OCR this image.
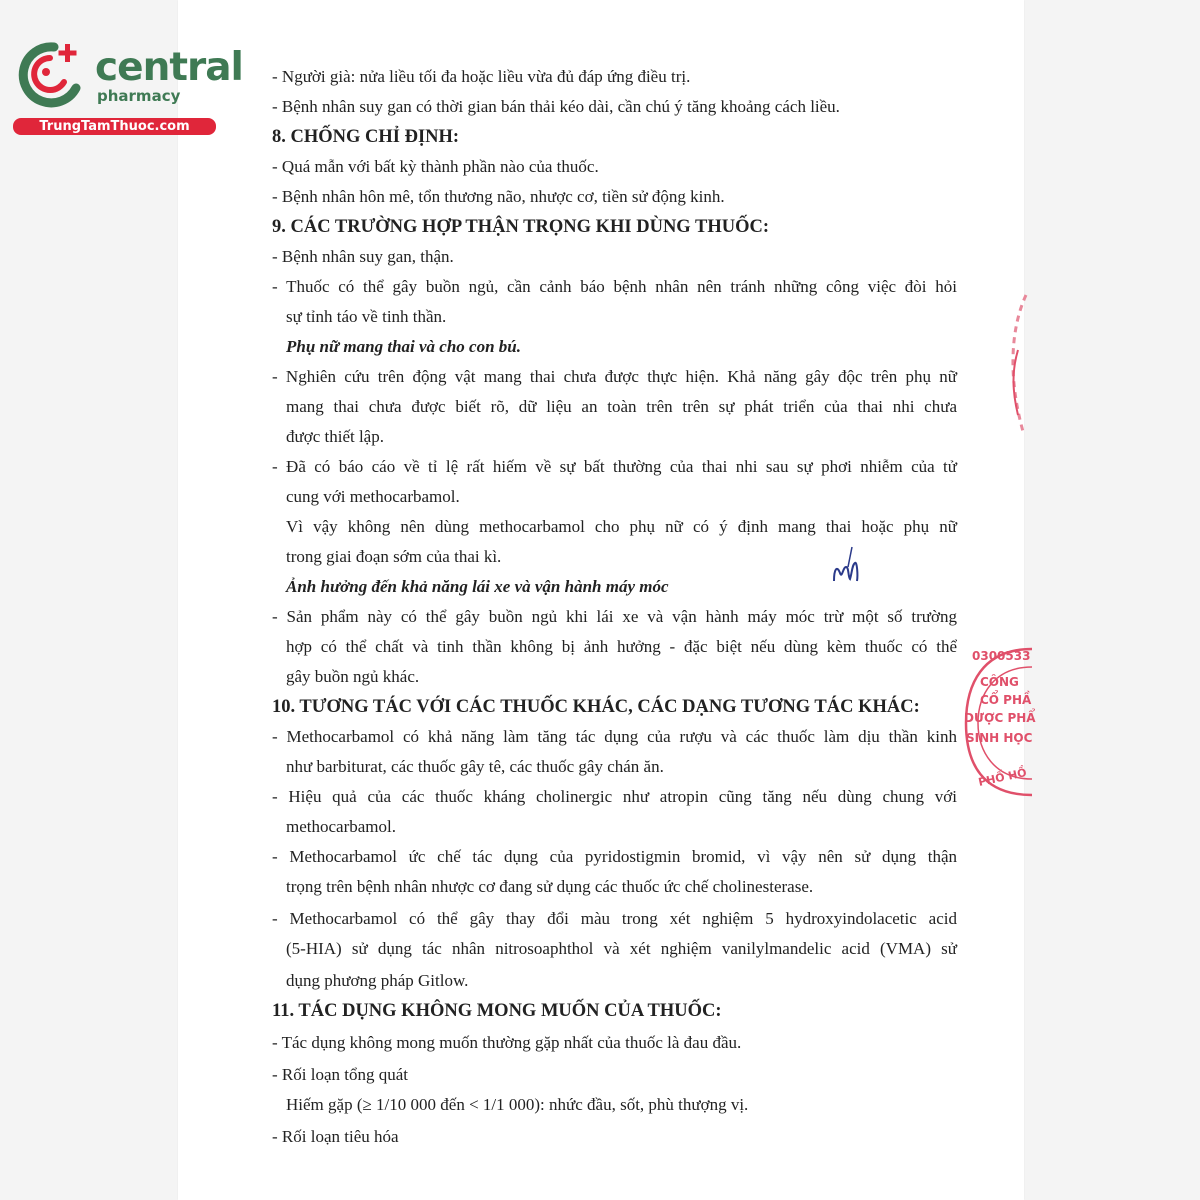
central
pharmacy
TrungTamThuoc.com
- Người già: nửa liều tối đa hoặc liều vừa đủ đáp ứng điều trị.
- Bệnh nhân suy gan có thời gian bán thải kéo dài, cần chú ý tăng khoảng cách liều.
8. CHỐNG CHỈ ĐỊNH:
- Quá mẫn với bất kỳ thành phần nào của thuốc.
- Bệnh nhân hôn mê, tổn thương não, nhược cơ, tiền sử động kinh.
9. CÁC TRƯỜNG HỢP THẬN TRỌNG KHI DÙNG THUỐC:
- Bệnh nhân suy gan, thận.
- Thuốc có thể gây buồn ngủ, cần cảnh báo bệnh nhân nên tránh những công việc đòi hỏi
sự tỉnh táo về tinh thần.
Phụ nữ mang thai và cho con bú.
- Nghiên cứu trên động vật mang thai chưa được thực hiện. Khả năng gây độc trên phụ nữ
mang thai chưa được biết rõ, dữ liệu an toàn trên trên sự phát triển của thai nhi chưa
được thiết lập.
- Đã có báo cáo về tỉ lệ rất hiếm về sự bất thường của thai nhi sau sự phơi nhiễm của tử
cung với methocarbamol.
Vì vậy không nên dùng methocarbamol cho phụ nữ có ý định mang thai hoặc phụ nữ
trong giai đoạn sớm của thai kì.
Ảnh hưởng đến khả năng lái xe và vận hành máy móc
- Sản phẩm này có thể gây buồn ngủ khi lái xe và vận hành máy móc trừ một số trường
hợp có thể chất và tinh thần không bị ảnh hưởng - đặc biệt nếu dùng kèm thuốc có thể
gây buồn ngủ khác.
10. TƯƠNG TÁC VỚI CÁC THUỐC KHÁC, CÁC DẠNG TƯƠNG TÁC KHÁC:
- Methocarbamol có khả năng làm tăng tác dụng của rượu và các thuốc làm dịu thần kinh
như barbiturat, các thuốc gây tê, các thuốc gây chán ăn.
- Hiệu quả của các thuốc kháng cholinergic như atropin cũng tăng nếu dùng chung với
methocarbamol.
- Methocarbamol ức chế tác dụng của pyridostigmin bromid, vì vậy nên sử dụng thận
trọng trên bệnh nhân nhược cơ đang sử dụng các thuốc ức chế cholinesterase.
- Methocarbamol có thể gây thay đổi màu trong xét nghiệm 5 hydroxyindolacetic acid
(5-HIA) sử dụng tác nhân nitrosoaphthol và xét nghiệm vanilylmandelic acid (VMA) sử
dụng phương pháp Gitlow.
11. TÁC DỤNG KHÔNG MONG MUỐN CỦA THUỐC:
- Tác dụng không mong muốn thường gặp nhất của thuốc là đau đầu.
- Rối loạn tổng quát
Hiếm gặp (≥ 1/10 000 đến < 1/1 000): nhức đầu, sốt, phù thượng vị.
- Rối loạn tiêu hóa
0300533
CÔNG
CỔ PHẦ
DƯỢC PHẨ
SINH HỌC
PHỐ HỒ
